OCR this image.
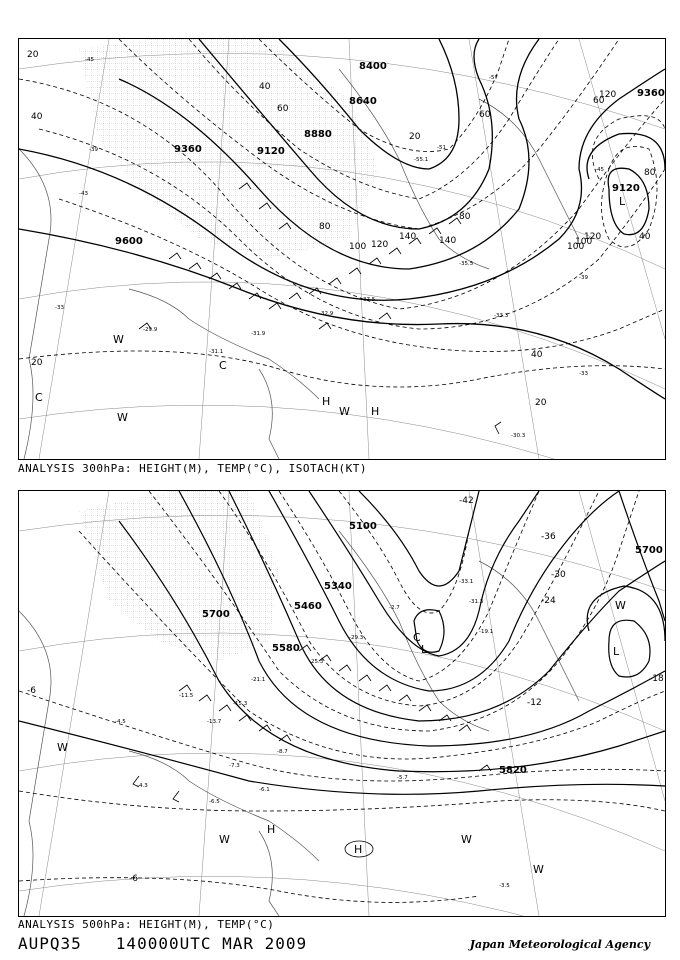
8400
8640
8880
9120
9360
9600
9120
9360
20
40
60
80
100 120
140
20
40
60
80
100
120
40
20
20
40
60
80
100
120
140
L
C
C
W
W
H
W H
-45
-57
-51
-55.1
-39
-43
-33
-35.5
-33.3
-31.9
-29.9
-31.1
-30.3
-33
-39
-45
-37.5
-32.9
ANALYSIS 300hPa: HEIGHT(M), TEMP(°C), ISOTACH(KT)
5100
5340
5580
5700
5700
5820
5460
-42
-36
-30
-24
-18
-12
-6
-6
L	L
C
W
W
H
H
W	W
W
-33.1
-31.3
-29.3
-25.3
-21.1
-19.1
-15.3
-13.7
-11.5
-8.7
-7.3
-6.1
-4.5
-3.5
-4.3
-6.5
-5.7
-2.7
ANALYSIS 500hPa: HEIGHT(M), TEMP(°C)
AUPQ35 140000UTC MAR 2009	Japan Meteorological Agency
